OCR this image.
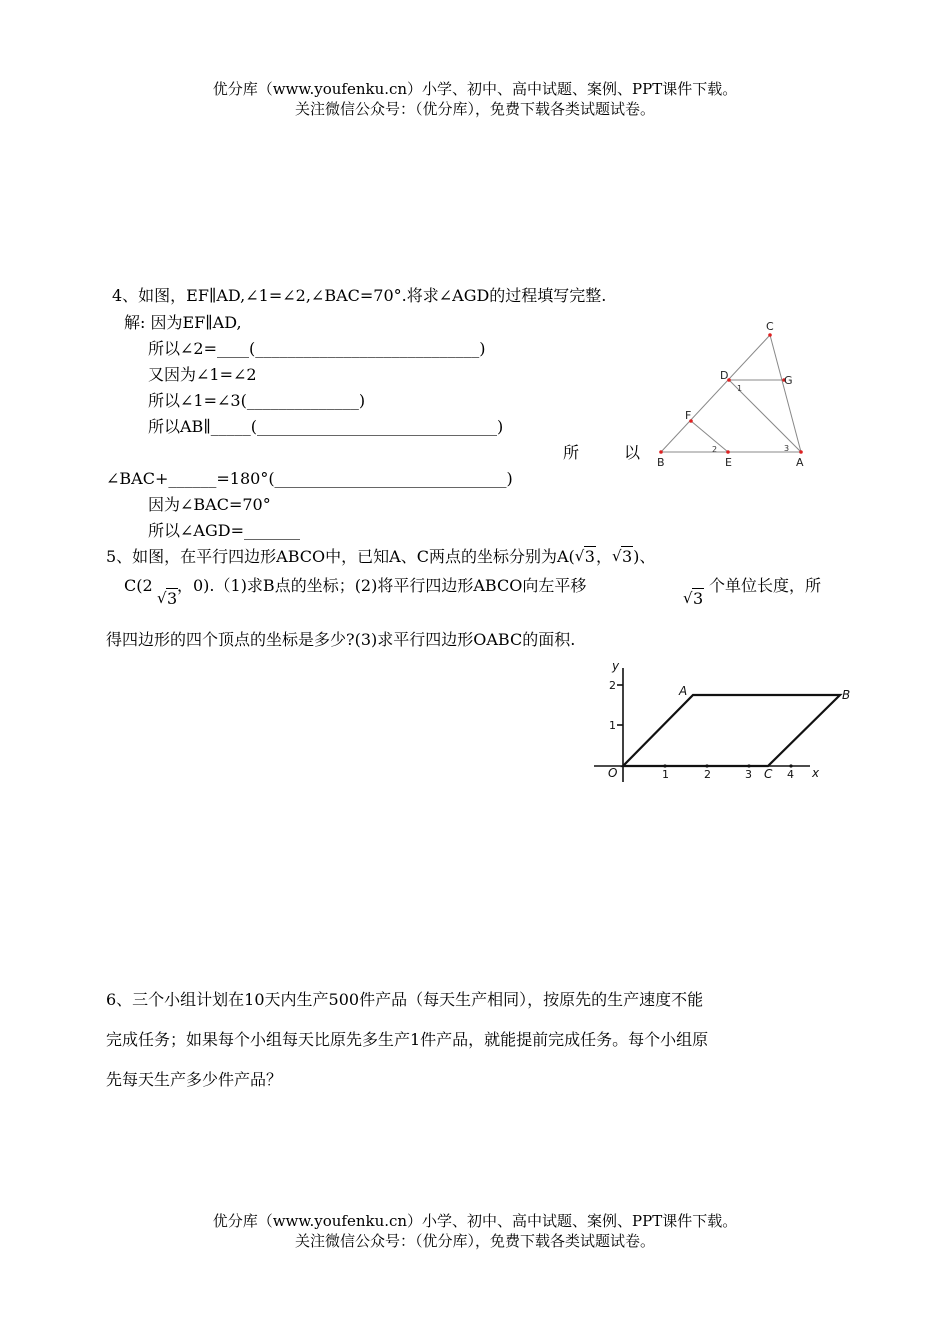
优分库（www.youfenku.cn）小学、初中、高中试题、案例、PPT课件下载。
关注微信公众号：（优分库），免费下载各类试题试卷。
4、如图，EF∥AD,∠1=∠2,∠BAC=70°.将求∠AGD的过程填写完整.
解: 因为EF∥AD,
所以∠2=____(____________________________)
又因为∠1=∠2
所以∠1=∠3(______________)
所以AB∥_____(______________________________)
所	以
∠BAC+______=180°(_____________________________)
因为∠BAC=70°
所以∠AGD=_______
C
D	G
F
B	E	A
1
2	3
5、如图，在平行四边形ABCO中，已知A、C两点的坐标分别为A( √ 3， √ 3)、
C(2
√ 3
，0).（1)求B点的坐标；(2)将平行四边形ABCO向左平移
√ 3
个单位长度，所
得四边形的四个顶点的坐标是多少?(3)求平行四边形OABC的面积.
y
x
O
A	B
C
2
1
1	2	3	4
6、三个小组计划在10天内生产500件产品（每天生产相同），按原先的生产速度不能
完成任务；如果每个小组每天比原先多生产1件产品，就能提前完成任务。每个小组原
先每天生产多少件产品？
优分库（www.youfenku.cn）小学、初中、高中试题、案例、PPT课件下载。
关注微信公众号：（优分库），免费下载各类试题试卷。
